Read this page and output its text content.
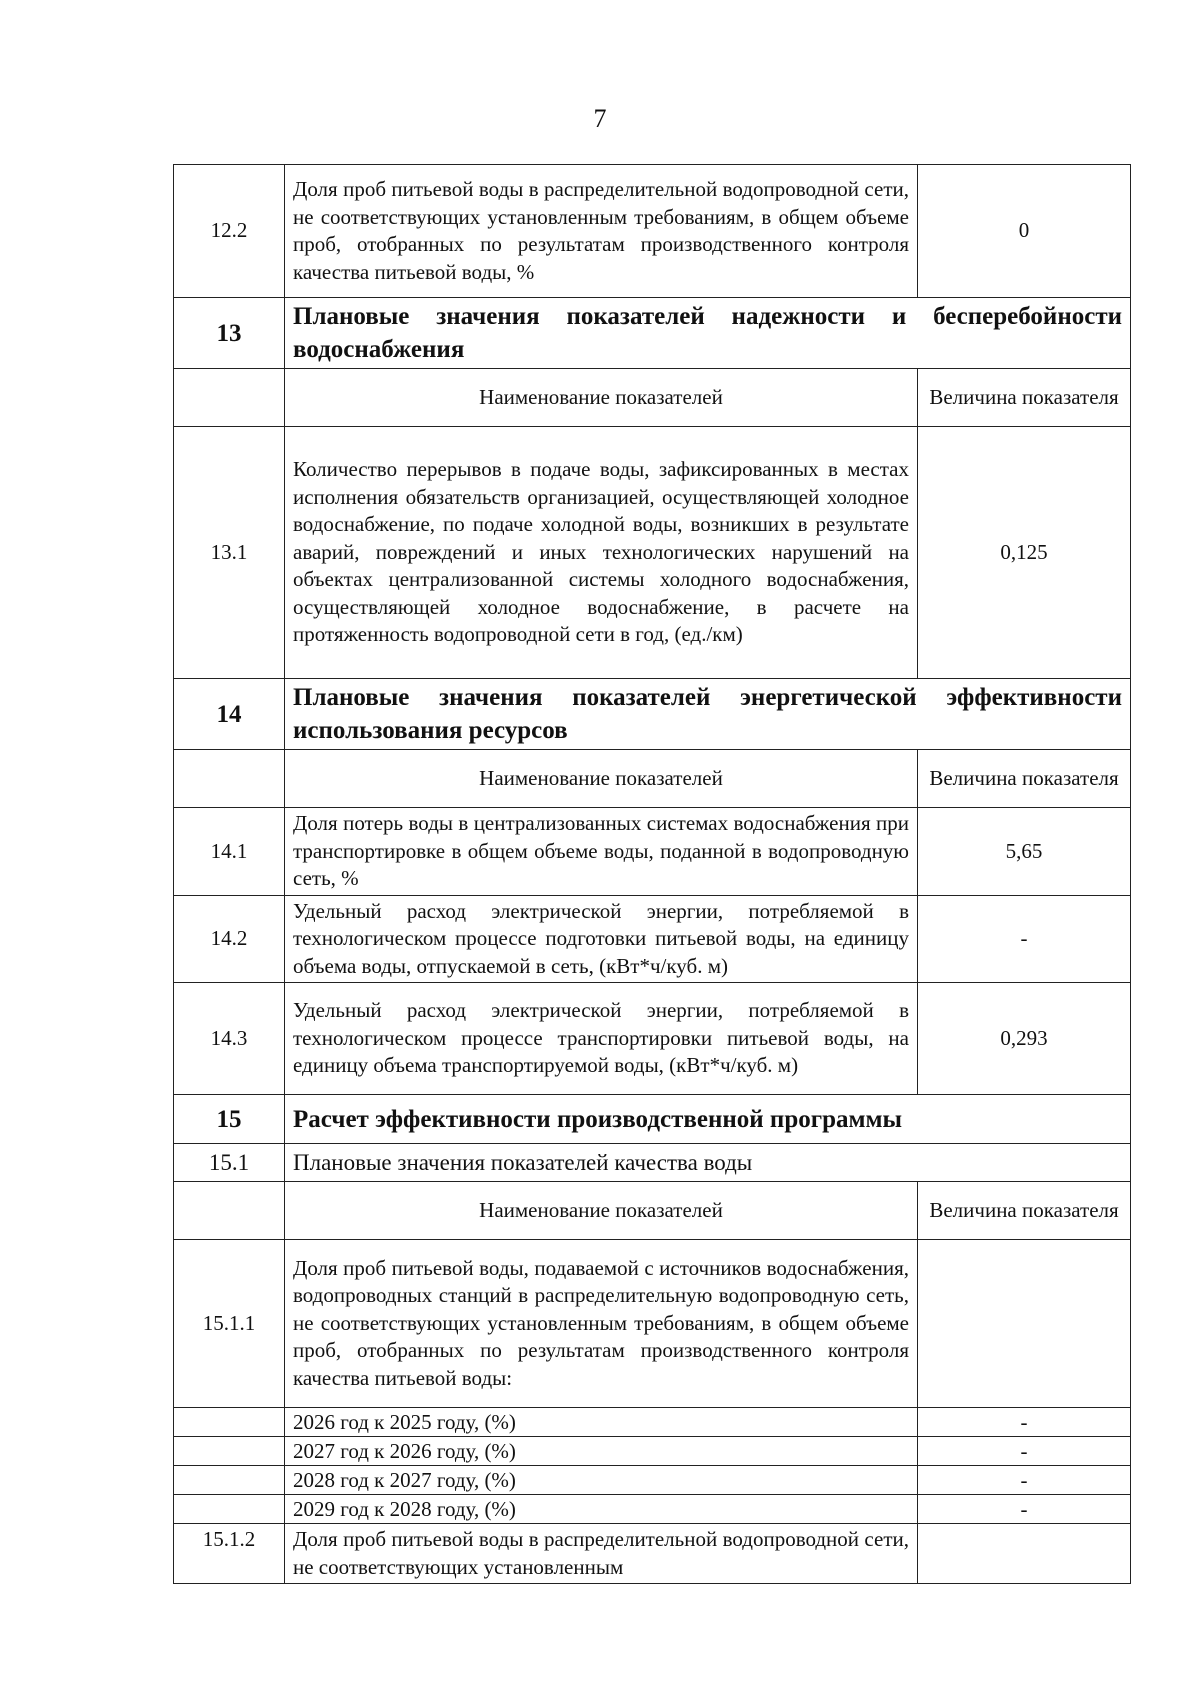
7
12.2	Доля проб питьевой воды в распределительной водопроводной сети, не соответствующих установленным требованиям, в общем объеме проб, отобранных по результатам производственного контроля качества питьевой воды, %	0
13	Плановые значения показателей надежности и бесперебойности водоснабжения	
	Наименование показателей	Величина показателя
13.1	Количество перерывов в подаче воды, зафиксированных в местах исполнения обязательств организацией, осуществляющей холодное водоснабжение, по подаче холодной воды, возникших в результате аварий, повреждений и иных технологических нарушений на объектах централизованной системы холодного водоснабжения, осуществляющей холодное водоснабжение, в расчете на протяженность водопроводной сети в год, (ед./км)	0,125
14	Плановые значения показателей энергетической эффективности использования ресурсов	
	Наименование показателей	Величина показателя
14.1	Доля потерь воды в централизованных системах водоснабжения при транспортировке в общем объеме воды, поданной в водопроводную сеть, %	5,65
14.2	Удельный расход электрической энергии, потребляемой в технологическом процессе подготовки питьевой воды, на единицу объема воды, отпускаемой в сеть, (кВт*ч/куб. м)	-
14.3	Удельный расход электрической энергии, потребляемой в технологическом процессе транспортировки питьевой воды, на единицу объема транспортируемой воды, (кВт*ч/куб. м)	0,293
15	Расчет эффективности производственной программы	
15.1	Плановые значения показателей качества воды	
	Наименование показателей	Величина показателя
15.1.1	Доля проб питьевой воды, подаваемой с источников водоснабжения, водопроводных станций в распределительную водопроводную сеть, не соответствующих установленным требованиям, в общем объеме проб, отобранных по результатам производственного контроля качества питьевой воды:	
	2026 год к 2025 году, (%)	-
	2027 год к 2026 году, (%)	-
	2028 год к 2027 году, (%)	-
	2029 год к 2028 году, (%)	-
15.1.2	Доля проб питьевой воды в распределительной водопроводной сети, не соответствующих установленным	
